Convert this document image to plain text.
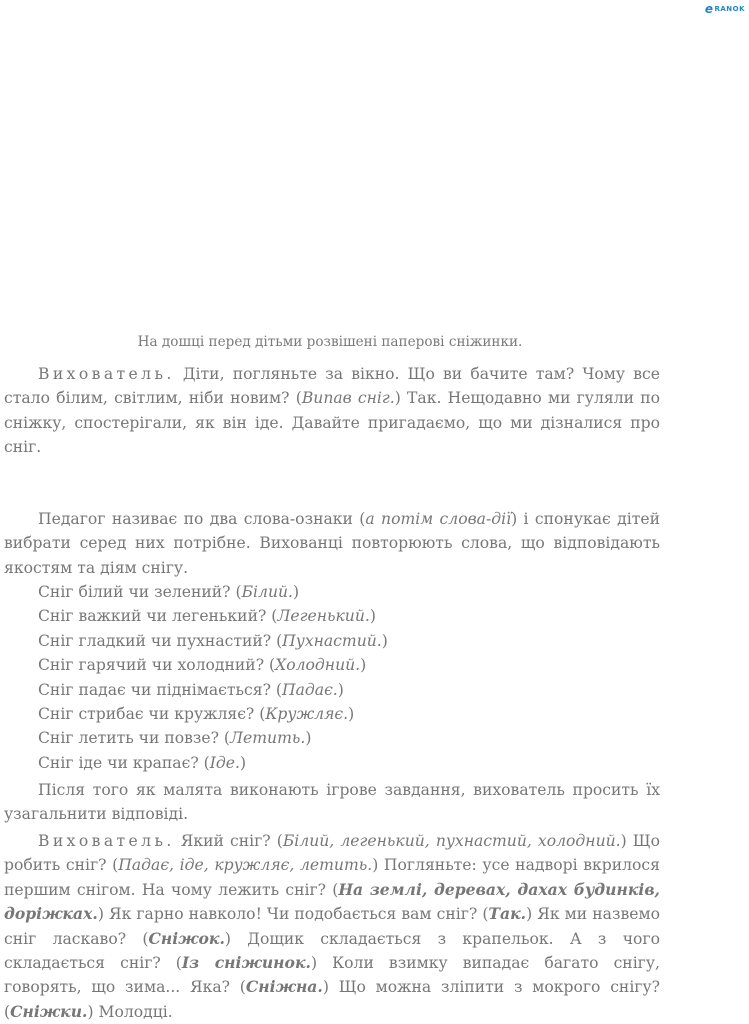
e RANOK
На дошці перед дітьми розвішені паперові сніжинки.

Вихователь. Діти, погляньте за вікно. Що ви бачите там? Чому все стало білим, світлим, ніби новим? (Випав сніг.) Так. Нещодавно ми гуляли по сніжку, спостерігали, як він іде. Давайте пригадаємо, що ми дізналися про сніг.

Педагог називає по два слова-ознаки (а потім слова-дії) і спонукає дітей вибрати серед них потрібне. Вихованці повторюють слова, що відповідають якостям та діям снігу.

Сніг білий чи зелений? (Білий.)

Сніг важкий чи легенький? (Легенький.)

Сніг гладкий чи пухнастий? (Пухнастий.)

Сніг гарячий чи холодний? (Холодний.)

Сніг падає чи піднімається? (Падає.)

Сніг стрибає чи кружляє? (Кружляє.)

Сніг летить чи повзе? (Летить.)

Сніг іде чи крапає? (Іде.)

Після того як малята виконають ігрове завдання, вихователь просить їх узагальнити відповіді.

Вихователь. Який сніг? (Білий, легенький, пухнастий, холодний.) Що робить сніг? (Падає, іде, кружляє, летить.) Погляньте: усе надворі вкрилося першим снігом. На чому лежить сніг? (На землі, деревах, дахах будинків, доріжках.) Як гарно навколо! Чи подобається вам сніг? (Так.) Як ми назвемо сніг ласкаво? (Сніжок.) Дощик складається з крапельок. А з чого складається сніг? (Із сніжинок.) Коли взимку випадає багато снігу, говорять, що зима... Яка? (Сніжна.) Що можна зліпити з мокрого снігу? (Сніжки.) Молодці.
